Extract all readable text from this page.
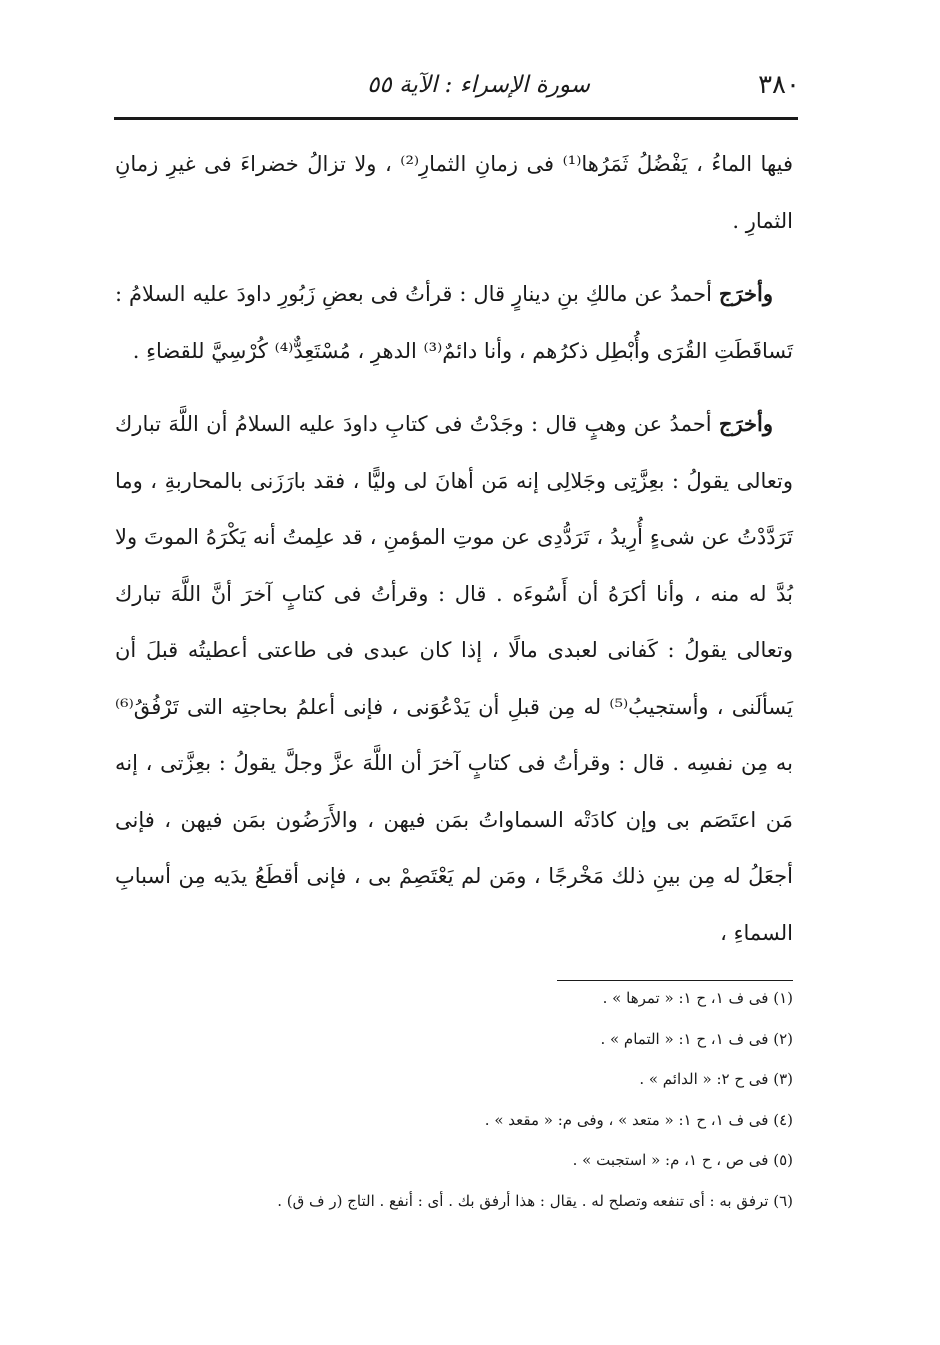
٣٨٠
سورة الإسراء : الآية ٥٥

فيها الماءُ ، يَفْضُلُ ثَمَرُها⁽¹⁾ فى زمانِ الثمارِ⁽²⁾ ، ولا تزالُ خضراءَ فى غيرِ زمانِ الثمارِ .

وأخرَج أحمدُ عن مالكِ بنِ دينارٍ قال : قرأتُ فى بعضِ زَبُورِ داودَ عليه السلامُ : تَساقَطَتِ القُرَى وأُبْطِل ذكرُهم ، وأنا دائمٌ⁽³⁾ الدهرِ ، مُسْتَعِدٌّ⁽⁴⁾ كُرْسِيَّ للقضاءِ .

وأخرَج أحمدُ عن وهبٍ قال : وجَدْتُ فى كتابِ داودَ عليه السلامُ أن اللَّهَ تبارك وتعالى يقولُ : بعِزَّتِى وجَلالِى إنه مَن أهانَ لى وليًّا ، فقد بارَزَنى بالمحاربةِ ، وما تَرَدَّدْتُ عن شىءٍ أُرِيدُ ، تَرَدُّدِى عن موتِ المؤمنِ ، قد علِمتُ أنه يَكْرَهُ الموتَ ولا بُدَّ له منه ، وأنا أكرَهُ أن أَسُوءَه . قال : وقرأتُ فى كتابٍ آخرَ أنَّ اللَّهَ تبارك وتعالى يقولُ : كَفانى لعبدى مالًا ، إذا كان عبدى فى طاعتى أعطيتُه قبلَ أن يَسألَنى ، وأستجيبُ⁽⁵⁾ له مِن قبلِ أن يَدْعُوَنى ، فإنى أعلمُ بحاجتِه التى تَرْفُقُ⁽⁶⁾ به مِن نفسِه . قال : وقرأتُ فى كتابٍ آخرَ أن اللَّهَ عزَّ وجلَّ يقولُ : بعِزَّتى ، إنه مَن اعتَصَم بى وإن كادَتْه السماواتُ بمَن فيهن ، والأَرَضُون بمَن فيهن ، فإنى أجعَلُ له مِن بينِ ذلك مَخْرجًا ، ومَن لم يَعْتَصِمْ بى ، فإنى أقطَعُ يدَيه مِن أسبابِ السماءِ ،

(١) فى ف ١، ح ١: « تمرها » .
(٢) فى ف ١، ح ١: « التمام » .
(٣) فى ح ٢: « الدائم » .
(٤) فى ف ١، ح ١: « متعد » ، وفى م: « مقعد » .
(٥) فى ص ، ح ١، م: « استجبت » .
(٦) ترفق به : أى تنفعه وتصلح له . يقال : هذا أرفق بك . أى : أنفع . التاج (ر ف ق) .
